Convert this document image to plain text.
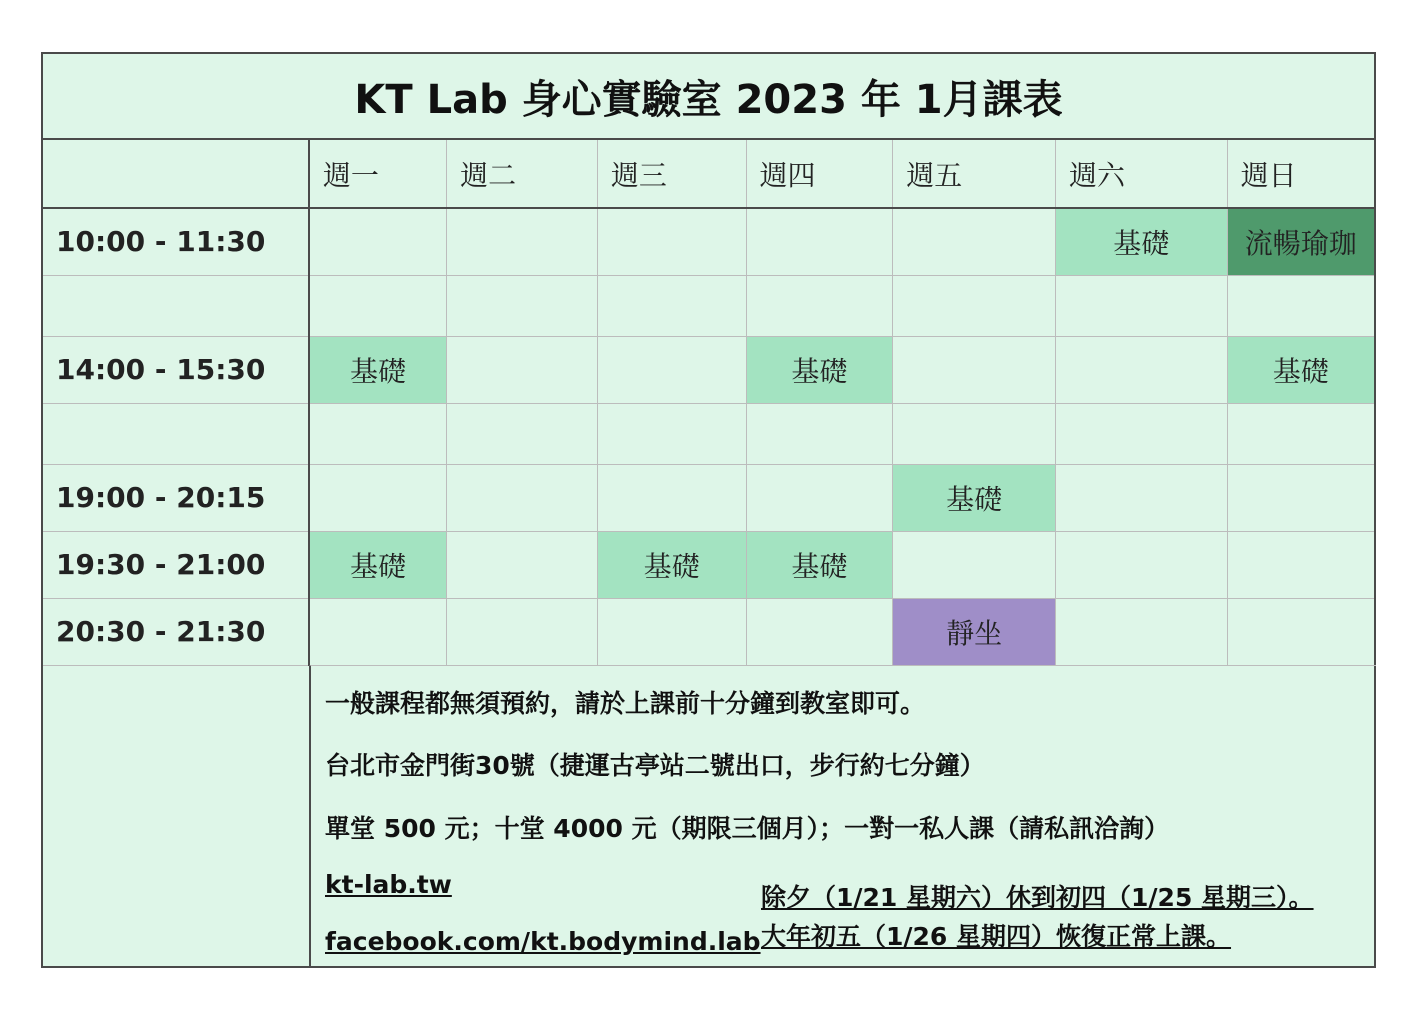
KT Lab 身心實驗室 2023 年 1月課表
	週一	週二	週三	週四	週五	週六	週日
10:00 - 11:30						基礎	流暢瑜珈

14:00 - 15:30	基礎			基礎			基礎

19:00 - 20:15					基礎		
19:30 - 21:00	基礎		基礎	基礎			
20:30 - 21:30					靜坐		
一般課程都無須預約，請於上課前十分鐘到教室即可。
台北市金門街30號（捷運古亭站二號出口，步行約七分鐘）
單堂 500 元；十堂 4000 元（期限三個月）；一對一私人課（請私訊洽詢）
kt-lab.tw
facebook.com/kt.bodymind.lab
除夕（1/21 星期六）休到初四（1/25 星期三）。
大年初五（1/26 星期四）恢復正常上課。
